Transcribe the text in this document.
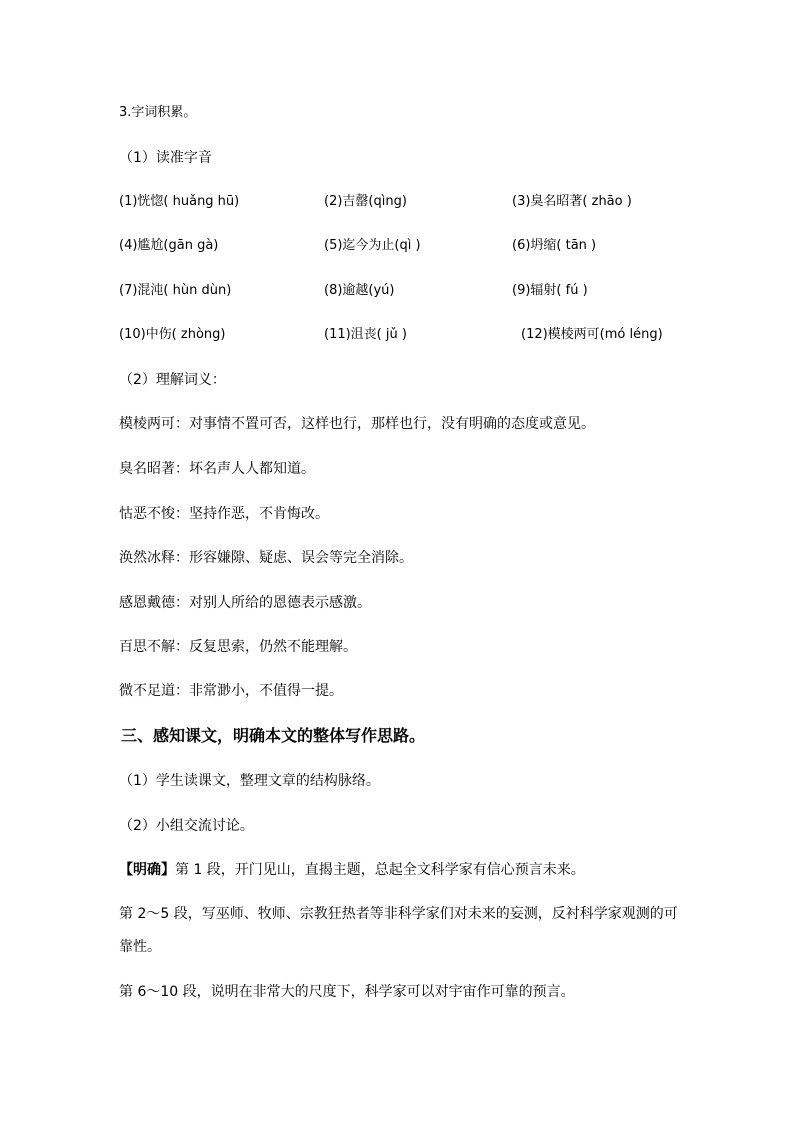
3.字词积累。
（1）读准字音
(1)恍惚( huǎng hū)	(2)吉罄(qìng)	(3)臭名昭著( zhāo )
(4)尴尬(gān gà)	(5)迄今为止(qì )	(6)坍缩( tān )
(7)混沌( hùn dùn)	(8)逾越(yú)	(9)辐射( fú )
(10)中伤( zhòng)	(11)沮丧( jǔ )	(12)模棱两可(mó léng)
（2）理解词义：
模棱两可：对事情不置可否，这样也行，那样也行，没有明确的态度或意见。
臭名昭著：坏名声人人都知道。
怙恶不悛：坚持作恶，不肯悔改。
涣然冰释：形容嫌隙、疑虑、误会等完全消除。
感恩戴德：对别人所给的恩德表示感激。
百思不解：反复思索，仍然不能理解。
微不足道：非常渺小，不值得一提。
三、感知课文，明确本文的整体写作思路。
（1）学生读课文，整理文章的结构脉络。
（2）小组交流讨论。
【明确】第 1 段，开门见山，直揭主题，总起全文科学家有信心预言未来。
第 2～5 段，写巫师、牧师、宗教狂热者等非科学家们对未来的妄测，反衬科学家观测的可
靠性。
第 6～10 段，说明在非常大的尺度下，科学家可以对宇宙作可靠的预言。
